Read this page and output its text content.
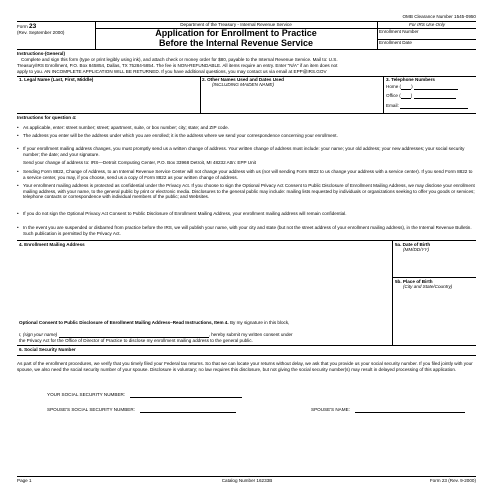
OMB Clearance Number 1545-0950
Form 23
(Rev. September 2000)
Department of the Treasury - Internal Revenue Service
Application for Enrollment to Practice
Before the Internal Revenue Service
For IRS Use Only
Enrollment Number
Enrollment Date
Instructions-(General)
Complete and sign this form (type or print legibly using ink), and attach check or money order for $80, payable to the Internal Revenue Service. Mail to: U.S.
Treasury/IRS Enrollment, P.O. Box 845854, Dallas, TX 75284-5854. The fee is NON-REFUNDABLE. All items require an entry. Enter "N/A" if an item does not
apply to you. AN INCOMPLETE APPLICATION WILL BE RETURNED. If you have additional questions, you may contact us via email at EPP@IRS.GOV
1. Legal Name (Last, First, Middle)	2. Other Names Used and Dates Used
(INCLUDING MAIDEN NAME)
3. Telephone Numbers
Home ( )
Office ( )
Email:
Instructions for question 4:
• As applicable, enter: street number; street; apartment, suite, or box number; city; state; and ZIP code.
• The address you enter will be the address under which you are enrolled; it is the address where we send your correspondence concerning your enrollment.
• If your enrollment mailing address changes, you must promptly send us a written change of address. Your written change of address must include: your name; your old address; your new addresses; your social security number; the date; and your signature.
Send your change of address to: IRS—Detroit Computing Center, P.O. Box 33968 Detroit, MI 48232 Attn: EPP Unit
• Sending Form 8822, Change of Address, to an Internal Revenue Service Center will not change your address with us (nor will sending Form 8822 to us change your address with a service center). If you send Form 8822 to a service center, you may, if you choose, send us a copy of Form 8822 as your written change of address.
• Your enrollment mailing address is protected as confidential under the Privacy Act. If you choose to sign the Optional Privacy Act Consent to Public Disclosure of Enrollment Mailing Address, we may disclose your enrollment mailing address, with your name, to the general public by print or electronic media. Disclosures to the general public may include: mailing lists requested by individuals or organizations seeking to offer you goods or services; telephone contacts or correspondence with individual members of the public; and Websites.
• If you do not sign the Optional Privacy Act Consent to Public Disclosure of Enrollment Mailing Address, your enrollment mailing address will remain confidential.
• In the event you are suspended or disbarred from practice before the IRS, we will publish your name, with your city and state (but not the street address of your enrollment mailing address), in the Internal Revenue Bulletin. Such publication is permitted by the Privacy Act.
4. Enrollment Mailing Address	5a. Date of Birth
(MM/DD/YY)
5b. Place of Birth
(City and State/Country)
Optional Consent to Public Disclosure of Enrollment Mailing Address–Read Instructions, Item 4. By my signature in this block,
I, (sign your name)	, hereby submit my written consent under
the Privacy Act for the Office of Director of Practice to disclose my enrollment mailing address to the general public.
6. Social Security Number
As part of the enrollment procedures, we verify that you timely filed your Federal tax returns. So that we can locate your returns without delay, we ask that you provide us your social security number. If you filed jointly with your spouse, we also need the social security number of your spouse. Disclosure is voluntary; no law requires this disclosure, but not giving the social security number(s) may result in delayed processing of this application.
YOUR SOCIAL SECURITY NUMBER:
SPOUSE'S SOCIAL SECURITY NUMBER:	SPOUSE'S NAME:
Page 1	Catalog Number 16233B	Form 23 (Rev. 9-2000)
